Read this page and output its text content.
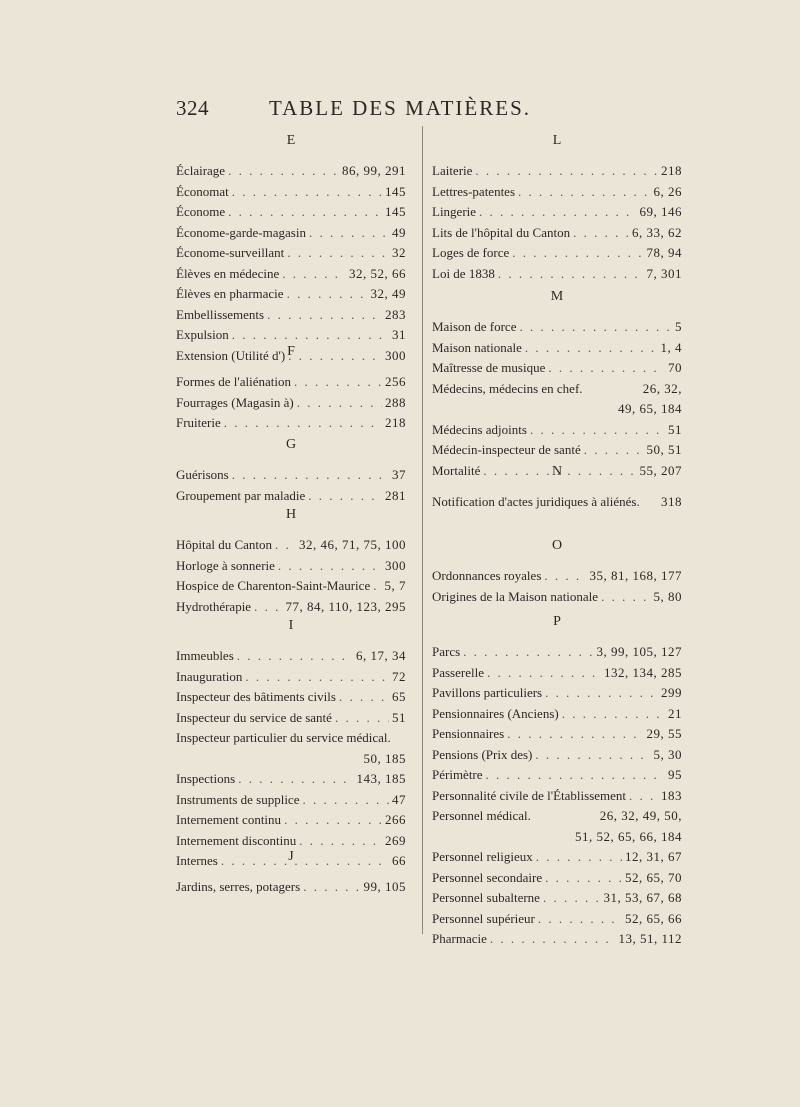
324	TABLE DES MATIÈRES.
E
Éclairage . . .	86, 99, 291
Économat . . .	145
Économe . . .	145
Économe-garde-magasin . . .	49
Économe-surveillant . . .	32
Élèves en médecine . . .	32, 52, 66
Élèves en pharmacie . . .	32, 49
Embellissements . . .	283
Expulsion . . .	31
Extension (Utilité d') . . .	300
F
Formes de l'aliénation . . .	256
Fourrages (Magasin à) . . .	288
Fruiterie . . .	218
G
Guérisons . . .	37
Groupement par maladie . . .	281
H
Hôpital du Canton . . . 32, 46, 71, 75, 100
Horloge à sonnerie . . .	300
Hospice de Charenton-Saint-Maurice . . . 5, 7
Hydrothérapie . . .	77, 84, 110, 123, 295
I
Immeubles . . .	6, 17, 34
Inauguration . . .	72
Inspecteur des bâtiments civils . . .	65
Inspecteur du service de santé . . .	51
Inspecteur particulier du service médical.
50, 185
Inspections . . .	143, 185
Instruments de supplice . . .	47
Internement continu . . .	266
Internement discontinu . . .	269
Internes . . .	66
J
Jardins, serres, potagers . . .	99, 105
L
Laiterie . . .	218
Lettres-patentes . . .	6, 26
Lingerie . . .	69, 146
Lits de l'hôpital du Canton . . .	6, 33, 62
Loges de force . . .	78, 94
Loi de 1838 . . .	7, 301
M
Maison de force . . .	5
Maison nationale . . .	1, 4
Maîtresse de musique . . .	70
Médecins, médecins en chef.	26, 32,
49, 65, 184
Médecins adjoints . . .	51
Médecin-inspecteur de santé . . .	50, 51
Mortalité . . .	55, 207
N
Notification d'actes juridiques à aliénés. 318
O
Ordonnances royales . . .	35, 81, 168, 177
Origines de la Maison nationale . . .	5, 80
P
Parcs . . .	3, 99, 105, 127
Passerelle . . .	132, 134, 285
Pavillons particuliers . . .	299
Pensionnaires (Anciens) . . .	21
Pensionnaires . . .	29, 55
Pensions (Prix des) . . .	5, 30
Périmètre . . .	95
Personnalité civile de l'Établissement . . .	183
Personnel médical.	26, 32, 49, 50,
51, 52, 65, 66, 184
Personnel religieux . . .	12, 31, 67
Personnel secondaire . . .	52, 65, 70
Personnel subalterne . . .	31, 53, 67, 68
Personnel supérieur . . .	52, 65, 66
Pharmacie . . .	13, 51, 112
